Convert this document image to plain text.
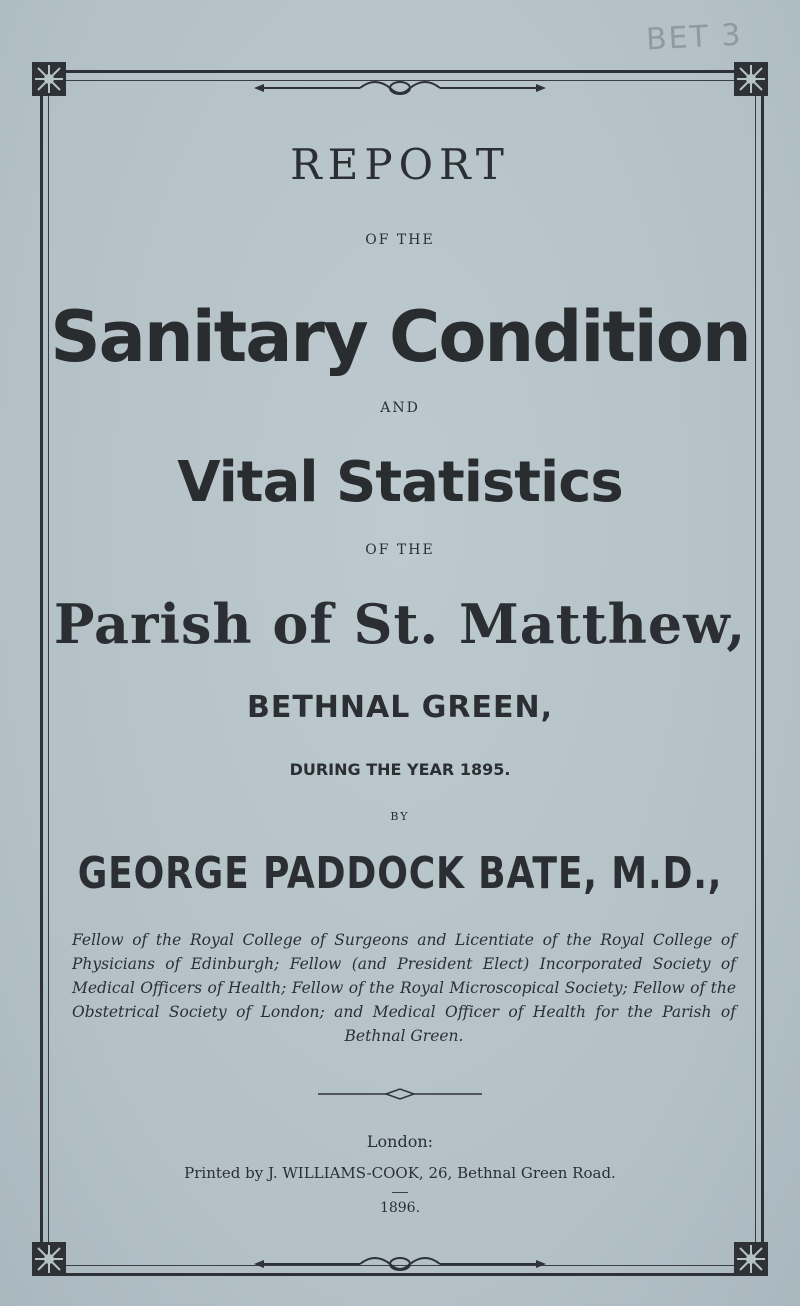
BET 3

REPORT

OF THE

Sanitary Condition

AND

Vital Statistics

OF THE

Parish of St. Matthew,

BETHNAL GREEN,

DURING THE YEAR 1895.

BY

GEORGE PADDOCK BATE, M.D.,

Fellow of the Royal College of Surgeons and Licentiate of the Royal College of Physicians of Edinburgh; Fellow (and President Elect) Incorporated Society of Medical Officers of Health; Fellow of the Royal Microscopical Society; Fellow of the Obstetrical Society of London; and Medical Officer of Health for the Parish of Bethnal Green.

London:

Printed by J. WILLIAMS-COOK, 26, Bethnal Green Road.

1896.
